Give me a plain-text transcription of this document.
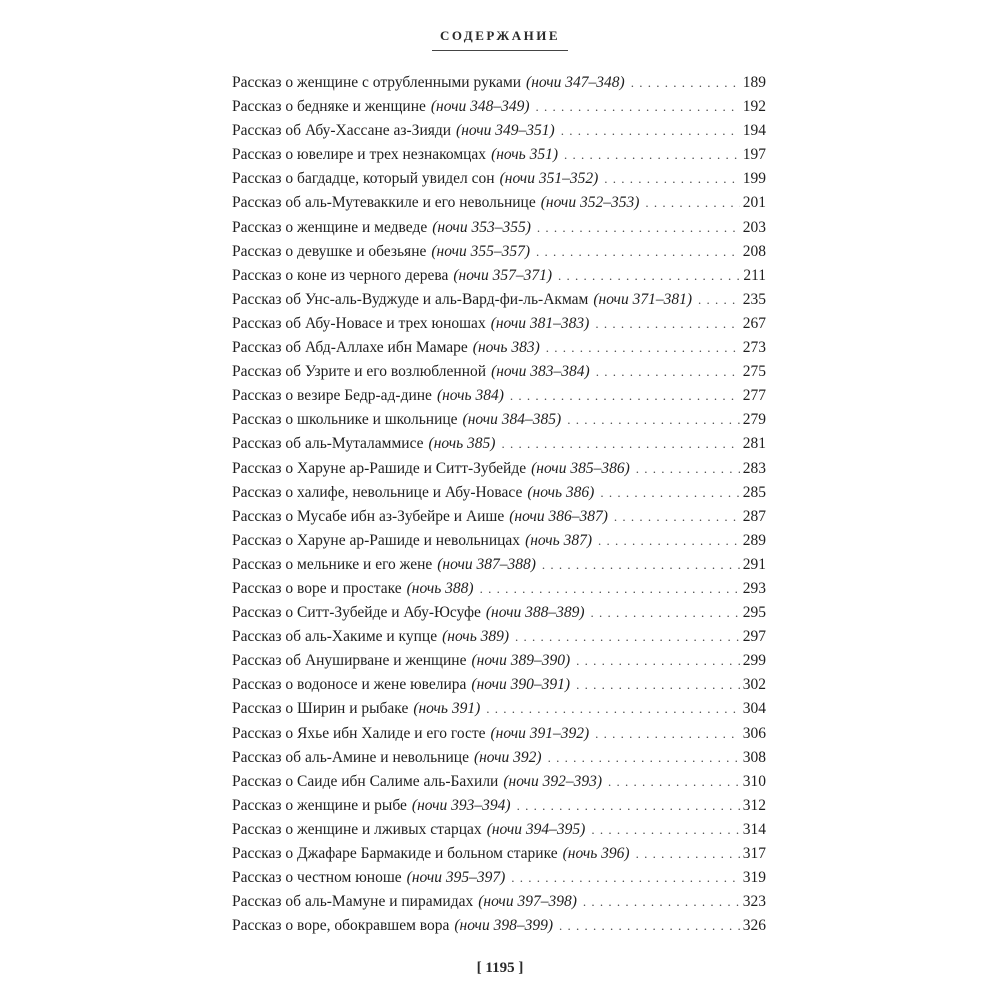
СОДЕРЖАНИЕ
Рассказ о женщине с отрубленными руками (ночи 347–348) . . .	189
Рассказ о бедняке и женщине (ночи 348–349) . . .	192
Рассказ об Абу-Хассане аз-Зияди (ночи 349–351) . . .	194
Рассказ о ювелире и трех незнакомцах (ночь 351) . . .	197
Рассказ о багдадце, который увидел сон (ночи 351–352) . . .	199
Рассказ об аль-Мутеваккиле и его невольнице (ночи 352–353) . . .	201
Рассказ о женщине и медведе (ночи 353–355) . . .	203
Рассказ о девушке и обезьяне (ночи 355–357) . . .	208
Рассказ о коне из черного дерева (ночи 357–371) . . .	211
Рассказ об Унс-аль-Вуджуде и аль-Вард-фи-ль-Акмам (ночи 371–381) . . .	235
Рассказ об Абу-Новасе и трех юношах (ночи 381–383) . . .	267
Рассказ об Абд-Аллахе ибн Мамаре (ночь 383) . . .	273
Рассказ об Узрите и его возлюбленной (ночи 383–384) . . .	275
Рассказ о везире Бедр-ад-дине (ночь 384) . . .	277
Рассказ о школьнике и школьнице (ночи 384–385) . . .	279
Рассказ об аль-Муталаммисе (ночь 385) . . .	281
Рассказ о Харуне ар-Рашиде и Ситт-Зубейде (ночи 385–386) . . .	283
Рассказ о халифе, невольнице и Абу-Новасе (ночь 386) . . .	285
Рассказ о Мусабе ибн аз-Зубейре и Аише (ночи 386–387) . . .	287
Рассказ о Харуне ар-Рашиде и невольницах (ночь 387) . . .	289
Рассказ о мельнике и его жене (ночи 387–388) . . .	291
Рассказ о воре и простаке (ночь 388) . . .	293
Рассказ о Ситт-Зубейде и Абу-Юсуфе (ночи 388–389) . . .	295
Рассказ об аль-Хакиме и купце (ночь 389) . . .	297
Рассказ об Ануширване и женщине (ночи 389–390) . . .	299
Рассказ о водоносе и жене ювелира (ночи 390–391) . . .	302
Рассказ о Ширин и рыбаке (ночь 391) . . .	304
Рассказ о Яхье ибн Халиде и его госте (ночи 391–392) . . .	306
Рассказ об аль-Амине и невольнице (ночи 392) . . .	308
Рассказ о Саиде ибн Салиме аль-Бахили (ночи 392–393) . . .	310
Рассказ о женщине и рыбе (ночи 393–394) . . .	312
Рассказ о женщине и лживых старцах (ночи 394–395) . . .	314
Рассказ о Джафаре Бармакиде и больном старике (ночь 396) . . .	317
Рассказ о честном юноше (ночи 395–397) . . .	319
Рассказ об аль-Мамуне и пирамидах (ночи 397–398) . . .	323
Рассказ о воре, обокравшем вора (ночи 398–399) . . .	326
[ 1195 ]
